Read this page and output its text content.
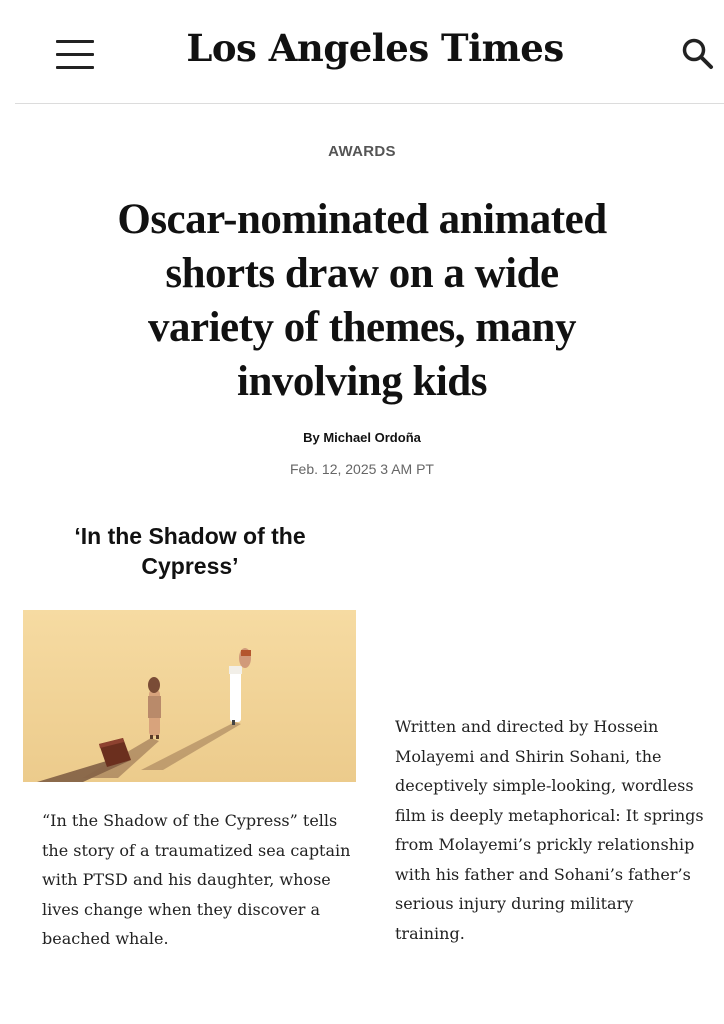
Los Angeles Times
AWARDS
Oscar-nominated animated shorts draw on a wide variety of themes, many involving kids
By Michael Ordoña
Feb. 12, 2025 3 AM PT
‘In the Shadow of the Cypress’

“In the Shadow of the Cypress” tells the story of a traumatized sea captain with PTSD and his daughter, whose lives change when they discover a beached whale.

Written and directed by Hossein Molayemi and Shirin Sohani, the deceptively simple-looking, wordless film is deeply metaphorical: It springs from Molayemi’s prickly relationship with his father and Sohani’s father’s serious injury during military training.
